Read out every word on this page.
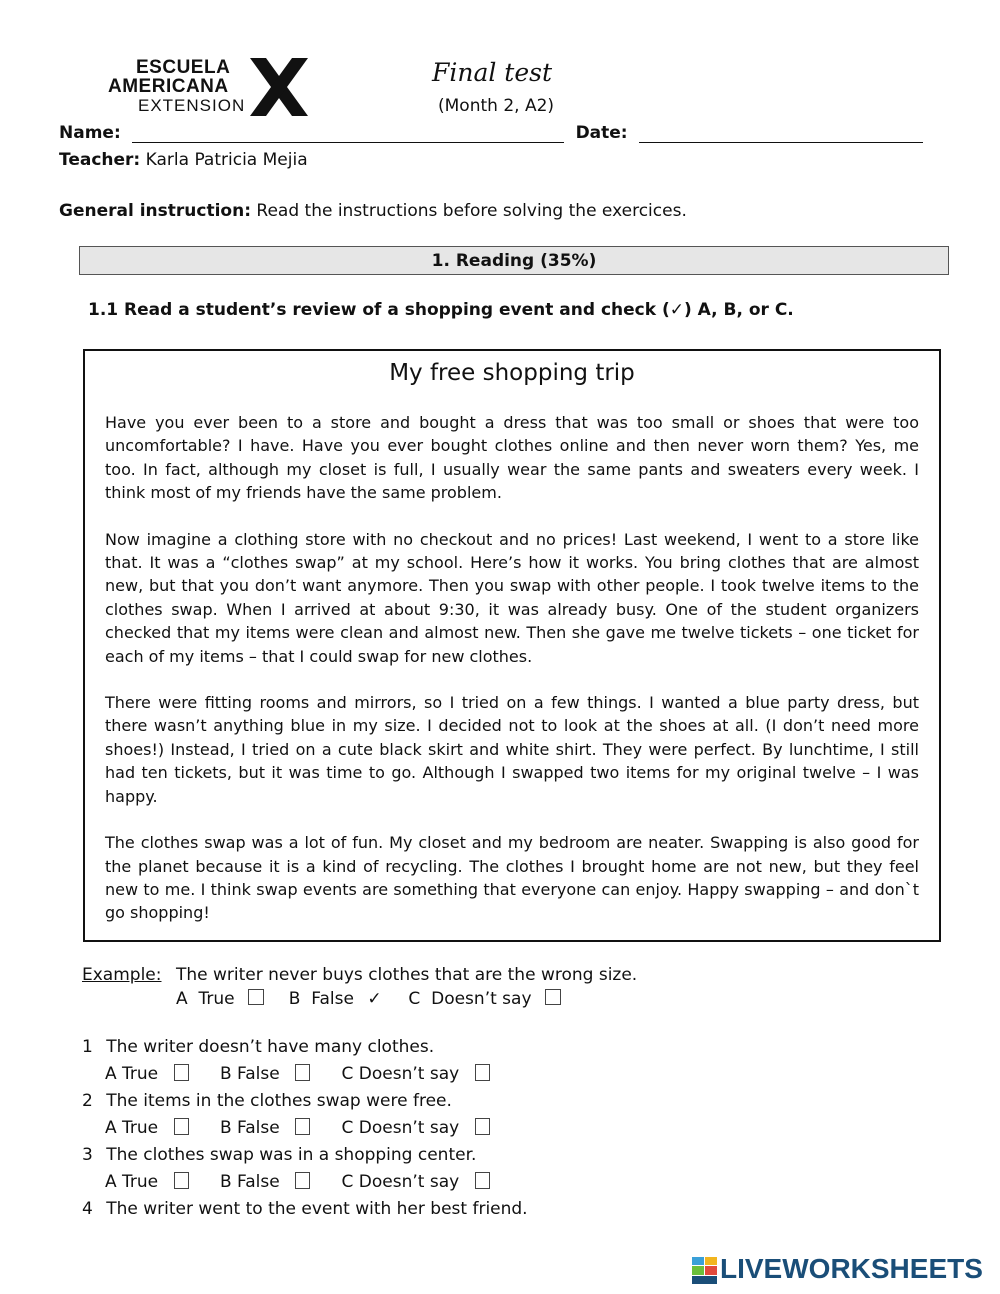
ESCUELA
AMERICANA
EXTENSION
Final test
(Month 2, A2)
Name:	Date:
Teacher: Karla Patricia Mejia
General instruction: Read the instructions before solving the exercices.
1. Reading (35%)
1.1 Read a student’s review of a shopping event and check (✓) A, B, or C.
My free shopping trip

Have you ever been to a store and bought a dress that was too small or shoes that were too uncomfortable? I have. Have you ever bought clothes online and then never worn them? Yes, me too. In fact, although my closet is full, I usually wear the same pants and sweaters every week. I think most of my friends have the same problem.

Now imagine a clothing store with no checkout and no prices! Last weekend, I went to a store like that. It was a “clothes swap” at my school. Here’s how it works. You bring clothes that are almost new, but that you don’t want anymore. Then you swap with other people. I took twelve items to the clothes swap. When I arrived at about 9:30, it was already busy. One of the student organizers checked that my items were clean and almost new. Then she gave me twelve tickets – one ticket for each of my items – that I could swap for new clothes.

There were fitting rooms and mirrors, so I tried on a few things. I wanted a blue party dress, but there wasn’t anything blue in my size. I decided not to look at the shoes at all. (I don’t need more shoes!) Instead, I tried on a cute black skirt and white shirt. They were perfect. By lunchtime, I still had ten tickets, but it was time to go. Although I swapped two items for my original twelve – I was happy.

The clothes swap was a lot of fun. My closet and my bedroom are neater. Swapping is also good for the planet because it is a kind of recycling. The clothes I brought home are not new, but they feel new to me. I think swap events are something that everyone can enjoy. Happy swapping – and don`t go shopping!

Example: The writer never buys clothes that are the wrong size.
A True	B False ✓ C Doesn’t say
1 The writer doesn’t have many clothes.
A True	B False	C Doesn’t say
2 The items in the clothes swap were free.
A True	B False	C Doesn’t say
3 The clothes swap was in a shopping center.
A True	B False	C Doesn’t say
4 The writer went to the event with her best friend.
LIVEWORKSHEETS
